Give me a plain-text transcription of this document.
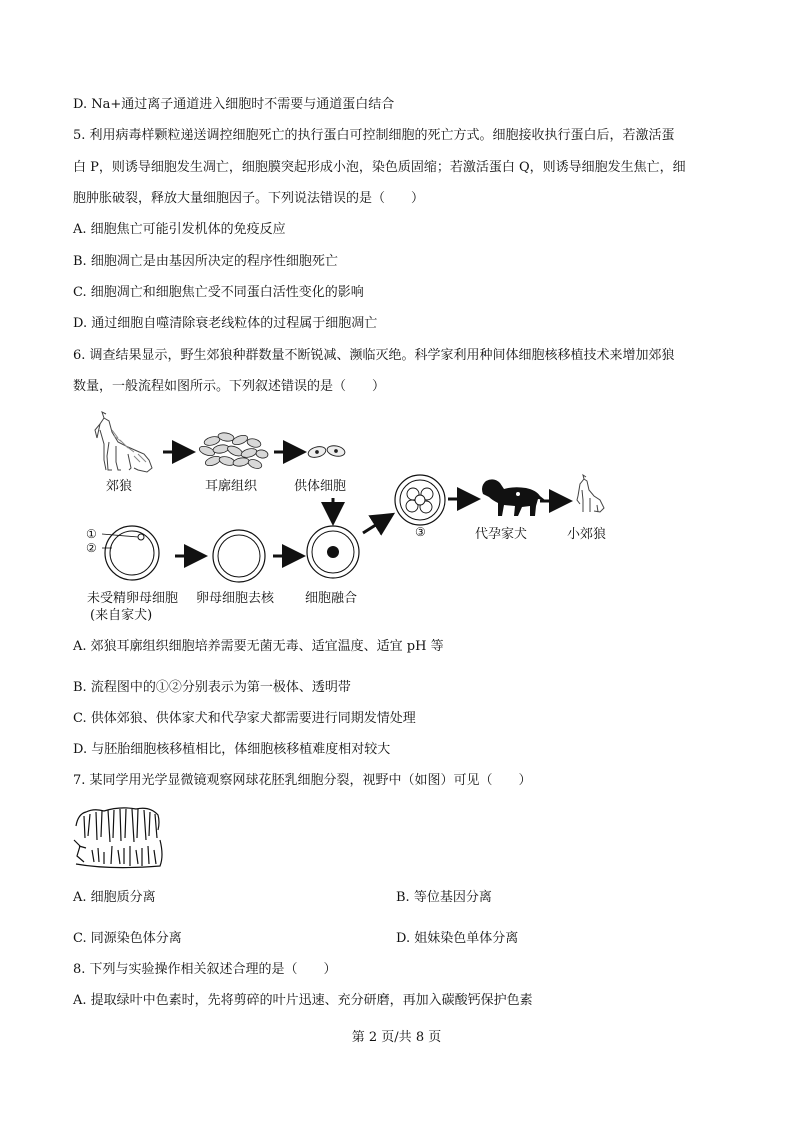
D. Na+通过离子通道进入细胞时不需要与通道蛋白结合
5. 利用病毒样颗粒递送调控细胞死亡的执行蛋白可控制细胞的死亡方式。细胞接收执行蛋白后，若激活蛋
白 P，则诱导细胞发生凋亡，细胞膜突起形成小泡，染色质固缩；若激活蛋白 Q，则诱导细胞发生焦亡，细
胞肿胀破裂，释放大量细胞因子。下列说法错误的是（　　）
A. 细胞焦亡可能引发机体的免疫反应
B. 细胞凋亡是由基因所决定的程序性细胞死亡
C. 细胞凋亡和细胞焦亡受不同蛋白活性变化的影响
D. 通过细胞自噬清除衰老线粒体的过程属于细胞凋亡
6. 调查结果显示，野生郊狼种群数量不断锐减、濒临灭绝。科学家利用种间体细胞核移植技术来增加郊狼
数量，一般流程如图所示。下列叙述错误的是（　　）
郊狼	耳廓组织	供体细胞
①
②
③
未受精卵母细胞
(来自家犬)
卵母细胞去核 细胞融合
代孕家犬	小郊狼
A. 郊狼耳廓组织细胞培养需要无菌无毒、适宜温度、适宜 pH 等
B. 流程图中的①②分别表示为第一极体、透明带
C. 供体郊狼、供体家犬和代孕家犬都需要进行同期发情处理
D. 与胚胎细胞核移植相比，体细胞核移植难度相对较大
7. 某同学用光学显微镜观察网球花胚乳细胞分裂，视野中（如图）可见（　　）
A. 细胞质分离	B. 等位基因分离
C. 同源染色体分离	D. 姐妹染色单体分离
8. 下列与实验操作相关叙述合理的是（　　）
A. 提取绿叶中色素时，先将剪碎的叶片迅速、充分研磨，再加入碳酸钙保护色素
第 2 页/共 8 页
